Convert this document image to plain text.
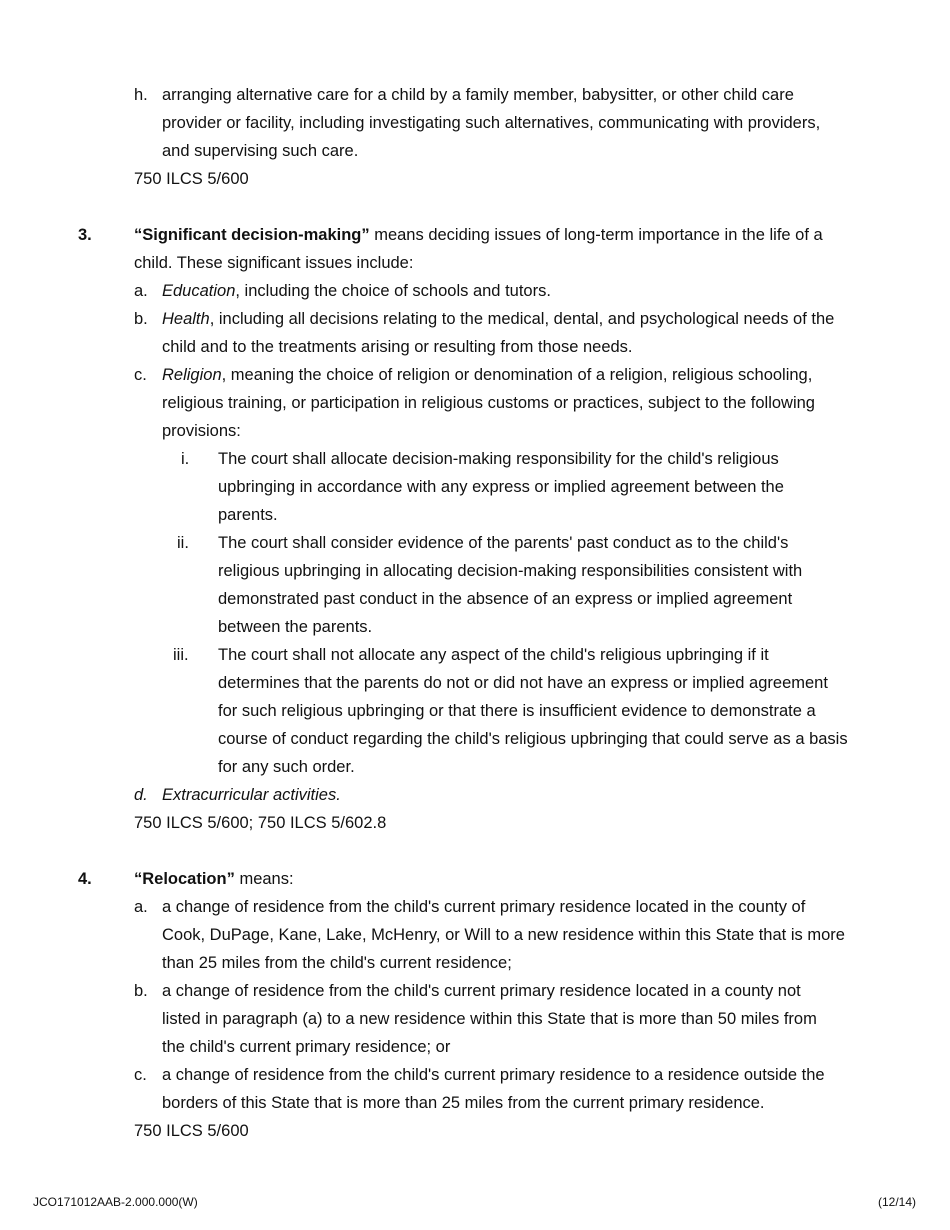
h. arranging alternative care for a child by a family member, babysitter, or other child care
provider or facility, including investigating such alternatives, communicating with providers,
and supervising such care.
750 ILCS 5/600
3.	“Significant decision-making” means deciding issues of long-term importance in the life of a
child. These significant issues include:
a. Education, including the choice of schools and tutors.
b. Health, including all decisions relating to the medical, dental, and psychological needs of the
child and to the treatments arising or resulting from those needs.
c. Religion, meaning the choice of religion or denomination of a religion, religious schooling,
religious training, or participation in religious customs or practices, subject to the following
provisions:
i. The court shall allocate decision-making responsibility for the child's religious
upbringing in accordance with any express or implied agreement between the
parents.
ii. The court shall consider evidence of the parents' past conduct as to the child's
religious upbringing in allocating decision-making responsibilities consistent with
demonstrated past conduct in the absence of an express or implied agreement
between the parents.
iii. The court shall not allocate any aspect of the child's religious upbringing if it
determines that the parents do not or did not have an express or implied agreement
for such religious upbringing or that there is insufficient evidence to demonstrate a
course of conduct regarding the child's religious upbringing that could serve as a basis
for any such order.
d. Extracurricular activities.
750 ILCS 5/600; 750 ILCS 5/602.8
4.	“Relocation” means:
a. a change of residence from the child's current primary residence located in the county of
Cook, DuPage, Kane, Lake, McHenry, or Will to a new residence within this State that is more
than 25 miles from the child's current residence;
b. a change of residence from the child's current primary residence located in a county not
listed in paragraph (a) to a new residence within this State that is more than 50 miles from
the child's current primary residence; or
c. a change of residence from the child's current primary residence to a residence outside the
borders of this State that is more than 25 miles from the current primary residence.
750 ILCS 5/600
JCO171012AAB-2.000.000(W)	(12/14)
